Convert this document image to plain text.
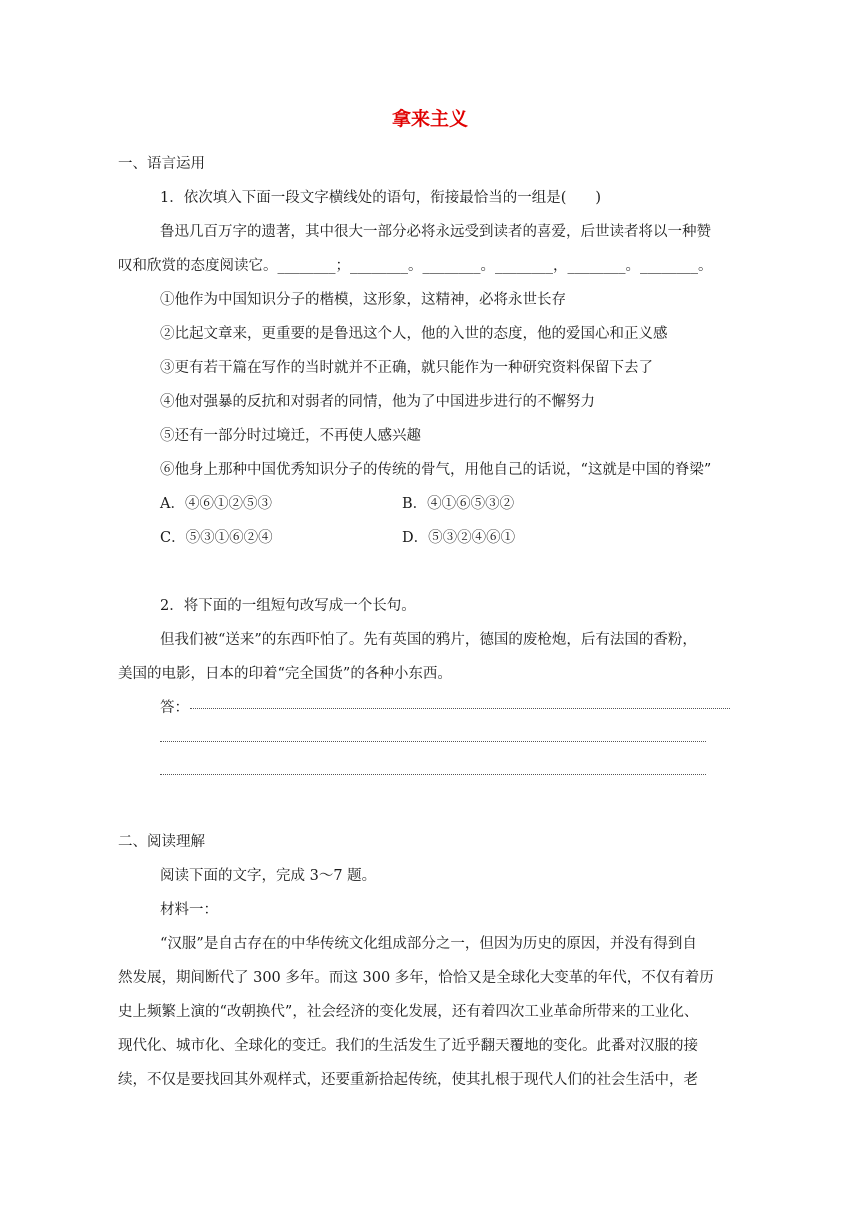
拿来主义
一、语言运用
1．依次填入下面一段文字横线处的语句，衔接最恰当的一组是(　　)
鲁迅几百万字的遗著，其中很大一部分必将永远受到读者的喜爱，后世读者将以一种赞
叹和欣赏的态度阅读它。________；________。________。________，________。________。
①他作为中国知识分子的楷模，这形象，这精神，必将永世长存
②比起文章来，更重要的是鲁迅这个人，他的入世的态度，他的爱国心和正义感
③更有若干篇在写作的当时就并不正确，就只能作为一种研究资料保留下去了
④他对强暴的反抗和对弱者的同情，他为了中国进步进行的不懈努力
⑤还有一部分时过境迁，不再使人感兴趣
⑥他身上那种中国优秀知识分子的传统的骨气，用他自己的话说，“这就是中国的脊梁”
A．④⑥①②⑤③	B．④①⑥⑤③②
C．⑤③①⑥②④	D．⑤③②④⑥①
2．将下面的一组短句改写成一个长句。
但我们被“送来”的东西吓怕了。先有英国的鸦片，德国的废枪炮，后有法国的香粉，
美国的电影，日本的印着“完全国货”的各种小东西。
答：
二、阅读理解
阅读下面的文字，完成 3～7 题。
材料一：
“汉服”是自古存在的中华传统文化组成部分之一，但因为历史的原因，并没有得到自
然发展，期间断代了 300 多年。而这 300 多年，恰恰又是全球化大变革的年代，不仅有着历
史上频繁上演的“改朝换代”，社会经济的变化发展，还有着四次工业革命所带来的工业化、
现代化、城市化、全球化的变迁。我们的生活发生了近乎翻天覆地的变化。此番对汉服的接
续，不仅是要找回其外观样式，还要重新拾起传统，使其扎根于现代人们的社会生活中，老
